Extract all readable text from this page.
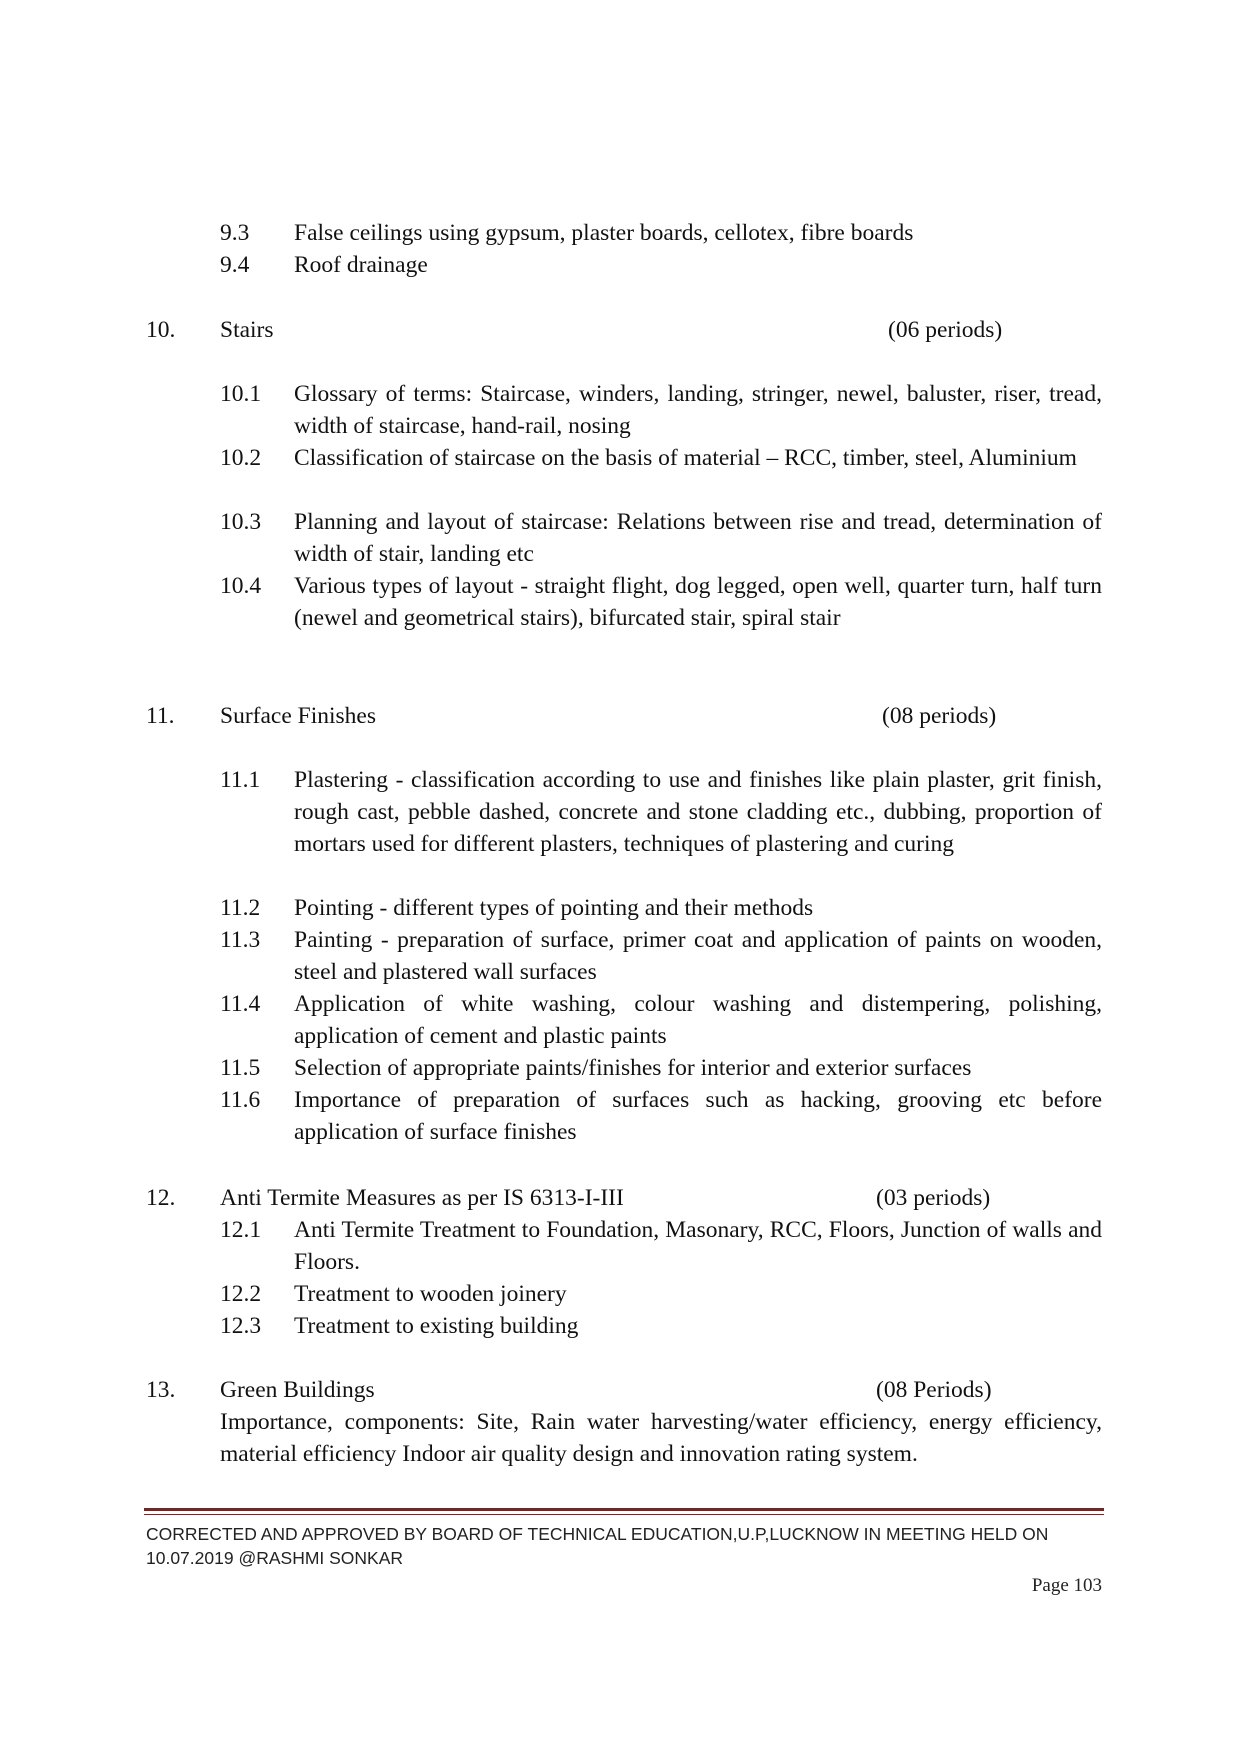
9.3 False ceilings using gypsum, plaster boards, cellotex, fibre boards
9.4 Roof drainage
10. Stairs	(06 periods)
10.1 Glossary of terms: Staircase, winders, landing, stringer, newel, baluster, riser, tread, width of staircase, hand-rail, nosing
10.2 Classification of staircase on the basis of material – RCC, timber, steel, Aluminium
10.3 Planning and layout of staircase: Relations between rise and tread, determination of width of stair, landing etc
10.4 Various types of layout - straight flight, dog legged, open well, quarter turn, half turn (newel and geometrical stairs), bifurcated stair, spiral stair
11. Surface Finishes	(08 periods)
11.1 Plastering - classification according to use and finishes like plain plaster, grit finish, rough cast, pebble dashed, concrete and stone cladding etc., dubbing, proportion of mortars used for different plasters, techniques of plastering and curing
11.2 Pointing - different types of pointing and their methods
11.3 Painting - preparation of surface, primer coat and application of paints on wooden, steel and plastered wall surfaces
11.4 Application of white washing, colour washing and distempering, polishing, application of cement and plastic paints
11.5 Selection of appropriate paints/finishes for interior and exterior surfaces
11.6 Importance of preparation of surfaces such as hacking, grooving etc before application of surface finishes
12. Anti Termite Measures as per IS 6313-I-III	(03 periods)
12.1 Anti Termite Treatment to Foundation, Masonary, RCC, Floors, Junction of walls and Floors.
12.2 Treatment to wooden joinery
12.3 Treatment to existing building
13. Green Buildings	(08 Periods)
Importance, components: Site, Rain water harvesting/water efficiency, energy efficiency, material efficiency Indoor air quality design and innovation rating system.
CORRECTED AND APPROVED BY BOARD OF TECHNICAL EDUCATION,U.P,LUCKNOW IN MEETING HELD ON
10.07.2019 @RASHMI SONKAR
Page 103
